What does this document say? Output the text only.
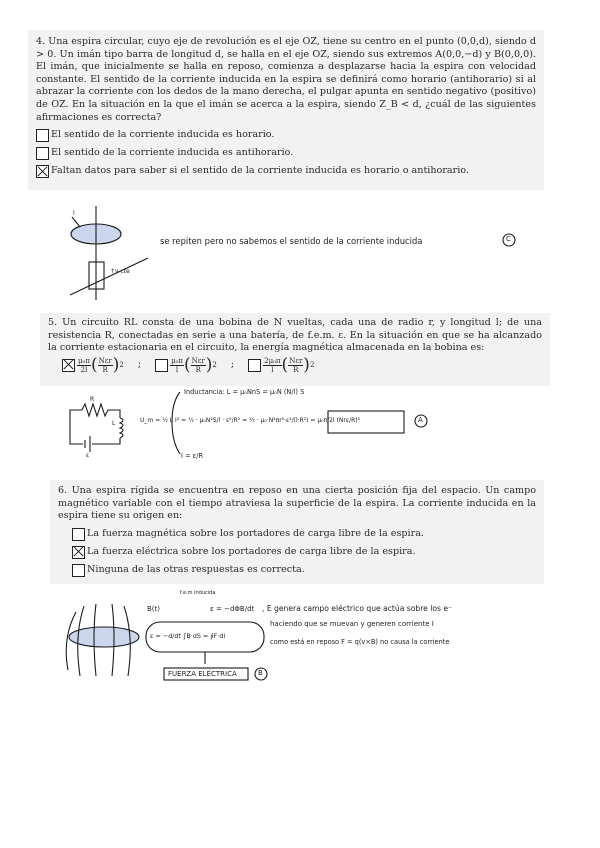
4. Una espira circular, cuyo eje de revolución es el eje OZ, tiene su centro en el punto (0,0,d), siendo d > 0. Un imán tipo barra de longitud d, se halla en el eje OZ, siendo sus extremos A(0,0,−d) y B(0,0,0). El imán, que inicialmente se halla en reposo, comienza a desplazarse hacia la espira con velocidad constante. El sentido de la corriente inducida en la espira se definirá como horario (antihorario) si al abrazar la corriente con los dedos de la mano derecha, el pulgar apunta en sentido negativo (positivo) de OZ. En la situación en la que el imán se acerca a la espira, siendo Z_B < d, ¿cuál de las siguientes afirmaciones es correcta?
El sentido de la corriente inducida es horario.
El sentido de la corriente inducida es antihorario.
Faltan datos para saber si el sentido de la corriente inducida es horario o antihorario.
I
↑v cte
se repiten pero no sabemos el sentido de la corriente inducida	C
5. Un circuito RL consta de una bobina de N vueltas, cada una de radio r, y longitud l; de una resistencia R, conectadas en serie a una batería, de f.e.m. ε. En la situación en que se ha alcanzado la corriente estacionaria en el circuito, la energía magnética almacenada en la bobina es:
$\frac{\text{μ₀π}}{2l}$ ( $\frac{\text{Nεr}}{R}$ ) 2 ;	$\frac{\text{μ₀π}}{l}$ ( $\frac{\text{Nεr}}{R}$ ) 2 ;	$\frac{\text{2μ₀π}}{l}$ ( $\frac{\text{Nεr}}{R}$ ) 2
R
L
ε
Inductancia: L = μ₀NnS = μ₀N (N/l) S
U_m = ½ L I² = ½ · μ₀N²S/l · ε²/R² = ½ · μ₀·N²πr²·ε²/(l·R²) = μ₀π/2l (Nrε/R)²
I = ε/R
A
6. Una espira rígida se encuentra en reposo en una cierta posición fija del espacio. Un campo magnético variable con el tiempo atraviesa la superficie de la espira. La corriente inducida en la espira tiene su origen en:
La fuerza magnética sobre los portadores de carga libre de la espira.
La fuerza eléctrica sobre los portadores de carga libre de la espira.
Ninguna de las otras respuestas es correcta.
B(t)
f.e.m inducida
ε = −dΦB/dt
ε = −d/dt ∫B·dS = ∮F·dl
, E genera campo eléctrico que actúa sobre los e⁻
haciendo que se muevan y generen corriente I
como está en reposo F = q(v×B) no causa la corriente
FUERZA ELÉCTRICA	B
